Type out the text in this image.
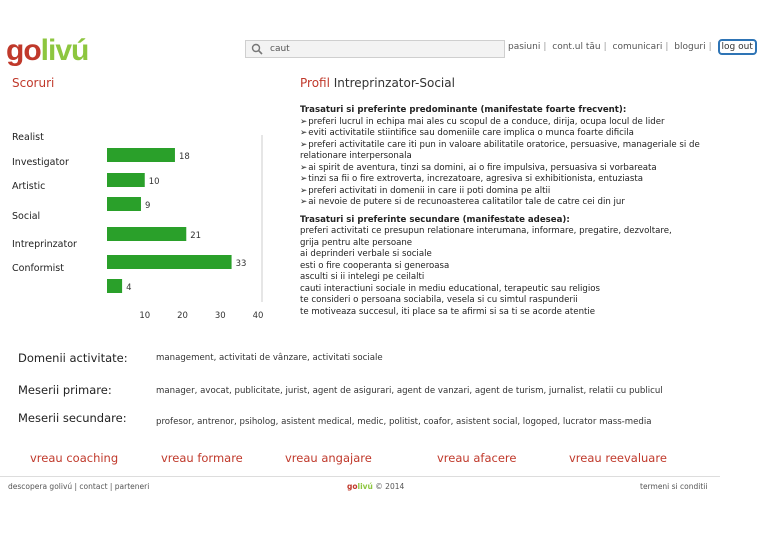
golivú	caut	pasiuni | cont.ul tău | comunicari | bloguri | log out
Scoruri	Profil Intreprinzator-Social
Realist
18
Investigator
10
Artistic
9
Social
21
Intreprinzator
33
Conformist
4
10	20	30	40
Trasaturi si preferinte predominante (manifestate foarte frecvent):
➢ preferi lucrul in echipa mai ales cu scopul de a conduce, dirija, ocupa locul de lider
➢ eviti activitatile stiintifice sau domeniile care implica o munca foarte dificila
➢ preferi activitatile care iti pun in valoare abilitatile oratorice, persuasive, manageriale si de relationare interpersonala
➢ ai spirit de aventura, tinzi sa domini, ai o fire impulsiva, persuasiva si vorbareata
➢ tinzi sa fii o fire extroverta, increzatoare, agresiva si exhibitionista, entuziasta
➢ preferi activitati in domenii in care ii poti domina pe altii
➢ ai nevoie de putere si de recunoasterea calitatilor tale de catre cei din jur
Trasaturi si preferinte secundare (manifestate adesea):
preferi activitati ce presupun relationare interumana, informare, pregatire, dezvoltare,
grija pentru alte persoane
ai deprinderi verbale si sociale
esti o fire cooperanta si generoasa
asculti si ii intelegi pe ceilalti
cauti interactiuni sociale in mediu educational, terapeutic sau religios
te consideri o persoana sociabila, vesela si cu simtul raspunderii
te motiveaza succesul, iti place sa te afirmi si sa ti se acorde atentie
Domenii activitate:	management, activitati de vânzare, activitati sociale
Meserii primare:	manager, avocat, publicitate, jurist, agent de asigurari, agent de vanzari, agent de turism, jurnalist, relatii cu publicul
Meserii secundare:	profesor, antrenor, psiholog, asistent medical, medic, politist, coafor, asistent social, logoped, lucrator mass-media
vreau coaching	vreau formare	vreau angajare	vreau afacere	vreau reevaluare
descopera golivú | contact | parteneri	golivú © 2014	termeni si conditii
